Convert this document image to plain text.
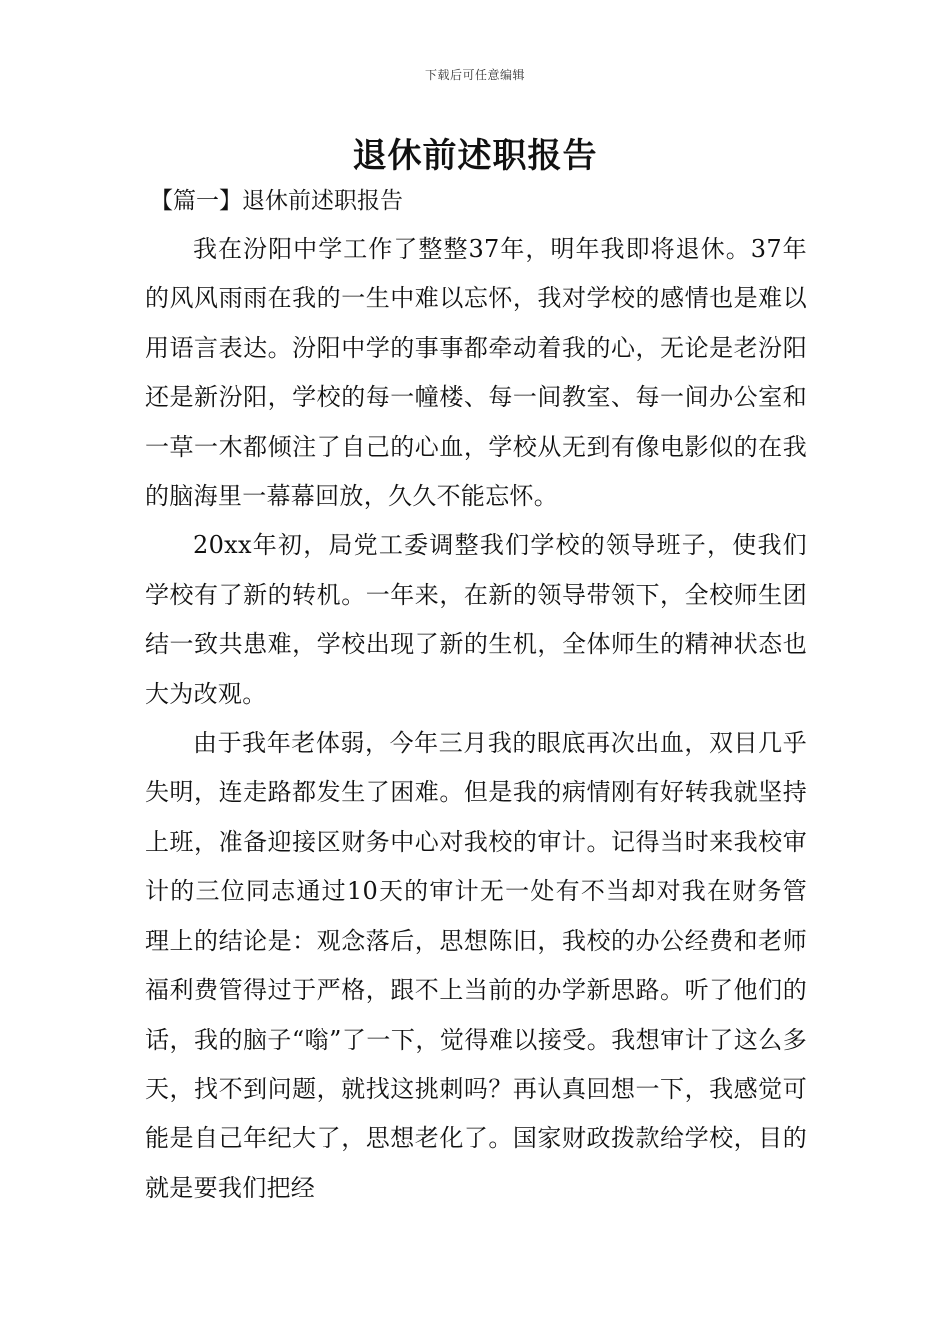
下载后可任意编辑
退休前述职报告
【篇一】退休前述职报告

我在汾阳中学工作了整整37年，明年我即将退休。37年的风风雨雨在我的一生中难以忘怀，我对学校的感情也是难以用语言表达。汾阳中学的事事都牵动着我的心，无论是老汾阳还是新汾阳，学校的每一幢楼、每一间教室、每一间办公室和一草一木都倾注了自己的心血，学校从无到有像电影似的在我的脑海里一幕幕回放，久久不能忘怀。

20xx年初，局党工委调整我们学校的领导班子，使我们学校有了新的转机。一年来，在新的领导带领下，全校师生团结一致共患难，学校出现了新的生机，全体师生的精神状态也大为改观。

由于我年老体弱，今年三月我的眼底再次出血，双目几乎失明，连走路都发生了困难。但是我的病情刚有好转我就坚持上班，准备迎接区财务中心对我校的审计。记得当时来我校审计的三位同志通过10天的审计无一处有不当却对我在财务管理上的结论是：观念落后，思想陈旧，我校的办公经费和老师福利费管得过于严格，跟不上当前的办学新思路。听了他们的话，我的脑子“嗡”了一下，觉得难以接受。我想审计了这么多天，找不到问题，就找这挑刺吗？再认真回想一下，我感觉可能是自己年纪大了，思想老化了。国家财政拨款给学校，目的就是要我们把经
